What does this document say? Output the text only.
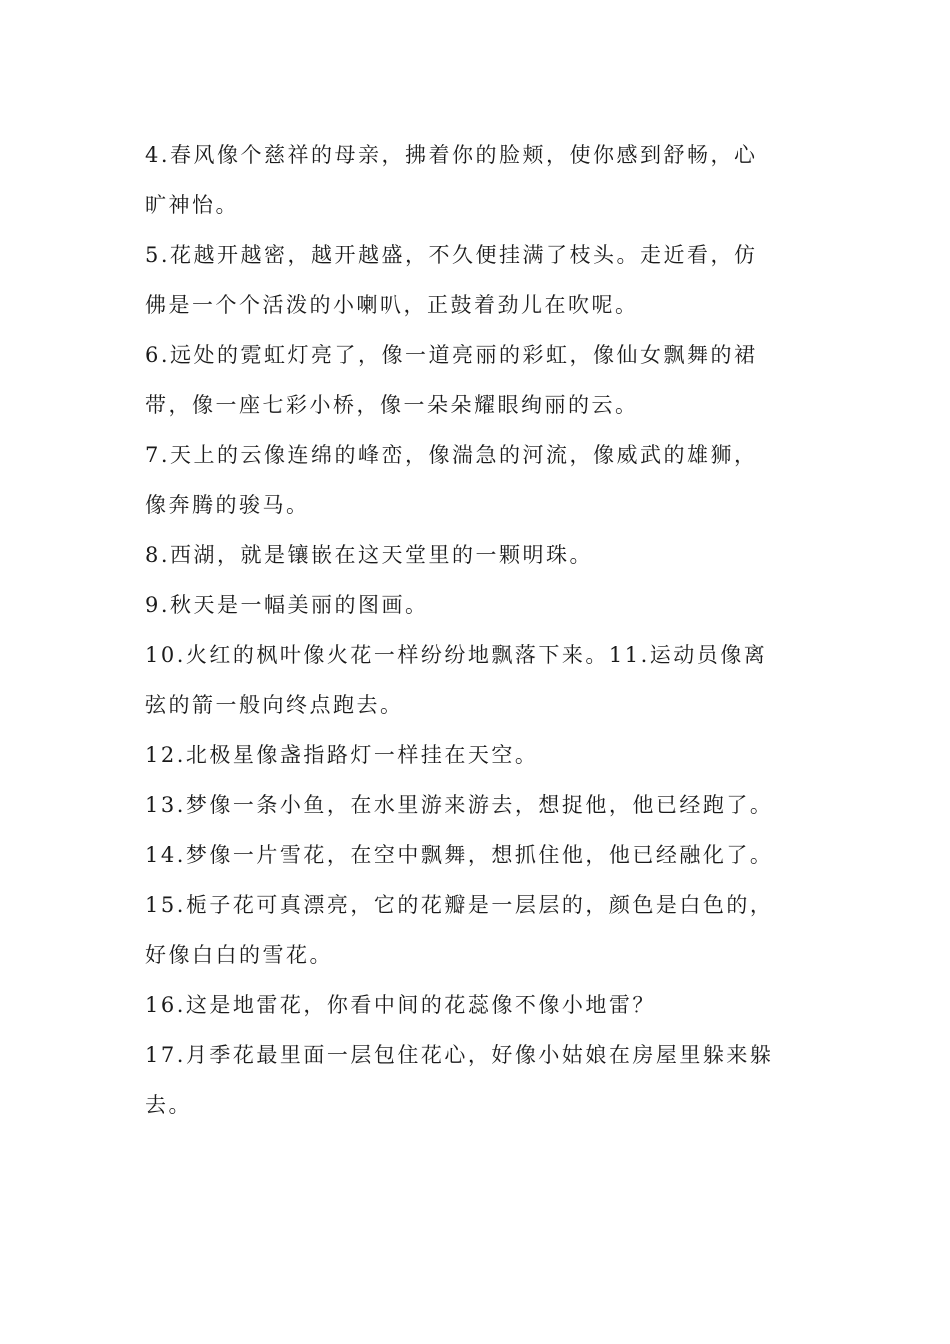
4.春风像个慈祥的母亲，拂着你的脸颊，使你感到舒畅，心
旷神怡。

5.花越开越密，越开越盛，不久便挂满了枝头。走近看，仿
佛是一个个活泼的小喇叭，正鼓着劲儿在吹呢。

6.远处的霓虹灯亮了，像一道亮丽的彩虹，像仙女飘舞的裙
带，像一座七彩小桥，像一朵朵耀眼绚丽的云。

7.天上的云像连绵的峰峦，像湍急的河流，像威武的雄狮，
像奔腾的骏马。

8.西湖，就是镶嵌在这天堂里的一颗明珠。

9.秋天是一幅美丽的图画。

10.火红的枫叶像火花一样纷纷地飘落下来。11.运动员像离
弦的箭一般向终点跑去。

12.北极星像盏指路灯一样挂在天空。

13.梦像一条小鱼，在水里游来游去，想捉他，他已经跑了。

14.梦像一片雪花，在空中飘舞，想抓住他，他已经融化了。

15.栀子花可真漂亮，它的花瓣是一层层的，颜色是白色的，
好像白白的雪花。

16.这是地雷花，你看中间的花蕊像不像小地雷？

17.月季花最里面一层包住花心，好像小姑娘在房屋里躲来躲
去。
